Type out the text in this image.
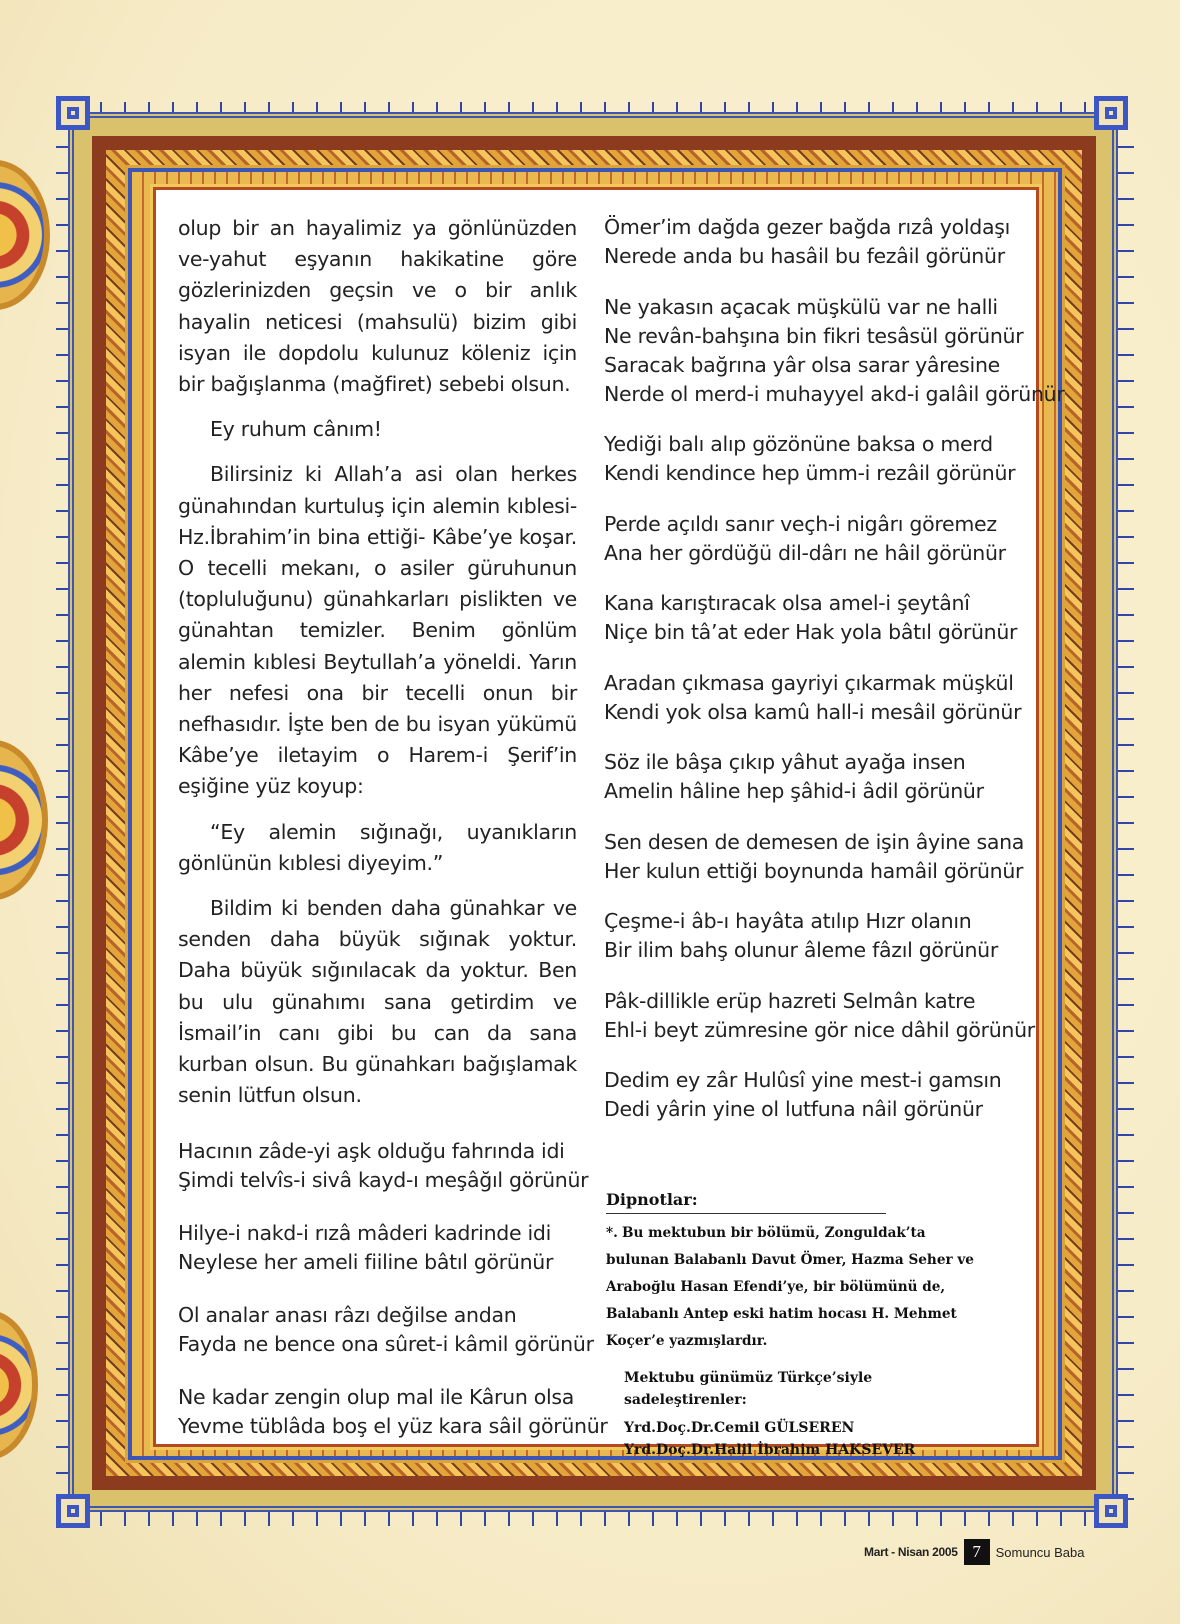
olup bir an hayalimiz ya gönlünüzden ve-yahut eşyanın hakikatine göre gözlerinizden geçsin ve o bir anlık hayalin neticesi (mahsulü) bizim gibi isyan ile dopdolu kulunuz köleniz için bir bağışlanma (mağfiret) sebebi olsun.

Ey ruhum cânım!

Bilirsiniz ki Allah’a asi olan herkes günahından kurtuluş için alemin kıblesi-Hz.İbrahim’in bina ettiği- Kâbe’ye koşar. O tecelli mekanı, o asiler güruhunun (topluluğunu) günahkarları pislikten ve günahtan temizler. Benim gönlüm alemin kıblesi Beytullah’a yöneldi. Yarın her nefesi ona bir tecelli onun bir nefhasıdır. İşte ben de bu isyan yükümü Kâbe’ye iletayim o Harem-i Şerif’in eşiğine yüz koyup:

“Ey alemin sığınağı, uyanıkların gönlünün kıblesi diyeyim.”

Bildim ki benden daha günahkar ve senden daha büyük sığınak yoktur. Daha büyük sığınılacak da yoktur. Ben bu ulu günahımı sana getirdim ve İsmail’in canı gibi bu can da sana kurban olsun. Bu günahkarı bağışlamak senin lütfun olsun.

Hacının zâde-yi aşk olduğu fahrında idi
Şimdi telvîs-i sivâ kayd-ı meşâğıl görünür
Hilye-i nakd-i rızâ mâderi kadrinde idi
Neylese her ameli fiiline bâtıl görünür
Ol analar anası râzı değilse andan
Fayda ne bence ona sûret-i kâmil görünür
Ne kadar zengin olup mal ile Kârun olsa
Yevme tüblâda boş el yüz kara sâil görünür
Ömer’im dağda gezer bağda rızâ yoldaşı
Nerede anda bu hasâil bu fezâil görünür
Ne yakasın açacak müşkülü var ne halli
Ne revân-bahşına bin fikri tesâsül görünür
Saracak bağrına yâr olsa sarar yâresine
Nerde ol merd-i muhayyel akd-i galâil görünür
Yediği balı alıp gözönüne baksa o merd
Kendi kendince hep ümm-i rezâil görünür
Perde açıldı sanır veçh-i nigârı göremez
Ana her gördüğü dil-dârı ne hâil görünür
Kana karıştıracak olsa amel-i şeytânî
Niçe bin tâ’at eder Hak yola bâtıl görünür
Aradan çıkmasa gayriyi çıkarmak müşkül
Kendi yok olsa kamû hall-i mesâil görünür
Söz ile bâşa çıkıp yâhut ayağa insen
Amelin hâline hep şâhid-i âdil görünür
Sen desen de demesen de işin âyine sana
Her kulun ettiği boynunda hamâil görünür
Çeşme-i âb-ı hayâta atılıp Hızr olanın
Bir ilim bahş olunur âleme fâzıl görünür
Pâk-dillikle erüp hazreti Selmân katre
Ehl-i beyt zümresine gör nice dâhil görünür
Dedim ey zâr Hulûsî yine mest-i gamsın
Dedi yârin yine ol lutfuna nâil görünür
Dipnotlar:
*. Bu mektubun bir bölümü, Zonguldak’ta bulunan Balabanlı Davut Ömer, Hazma Seher ve Araboğlu Hasan Efendi’ye, bir bölümünü de, Balabanlı Antep eski hatim hocası H. Mehmet Koçer’e yazmışlardır.
Mektubu günümüz Türkçe’siyle sadeleştirenler:
Yrd.Doç.Dr.Cemil GÜLSEREN
Yrd.Doç.Dr.Halil İbrahim HAKSEVER
Mart - Nisan 2005 7	Somuncu Baba
